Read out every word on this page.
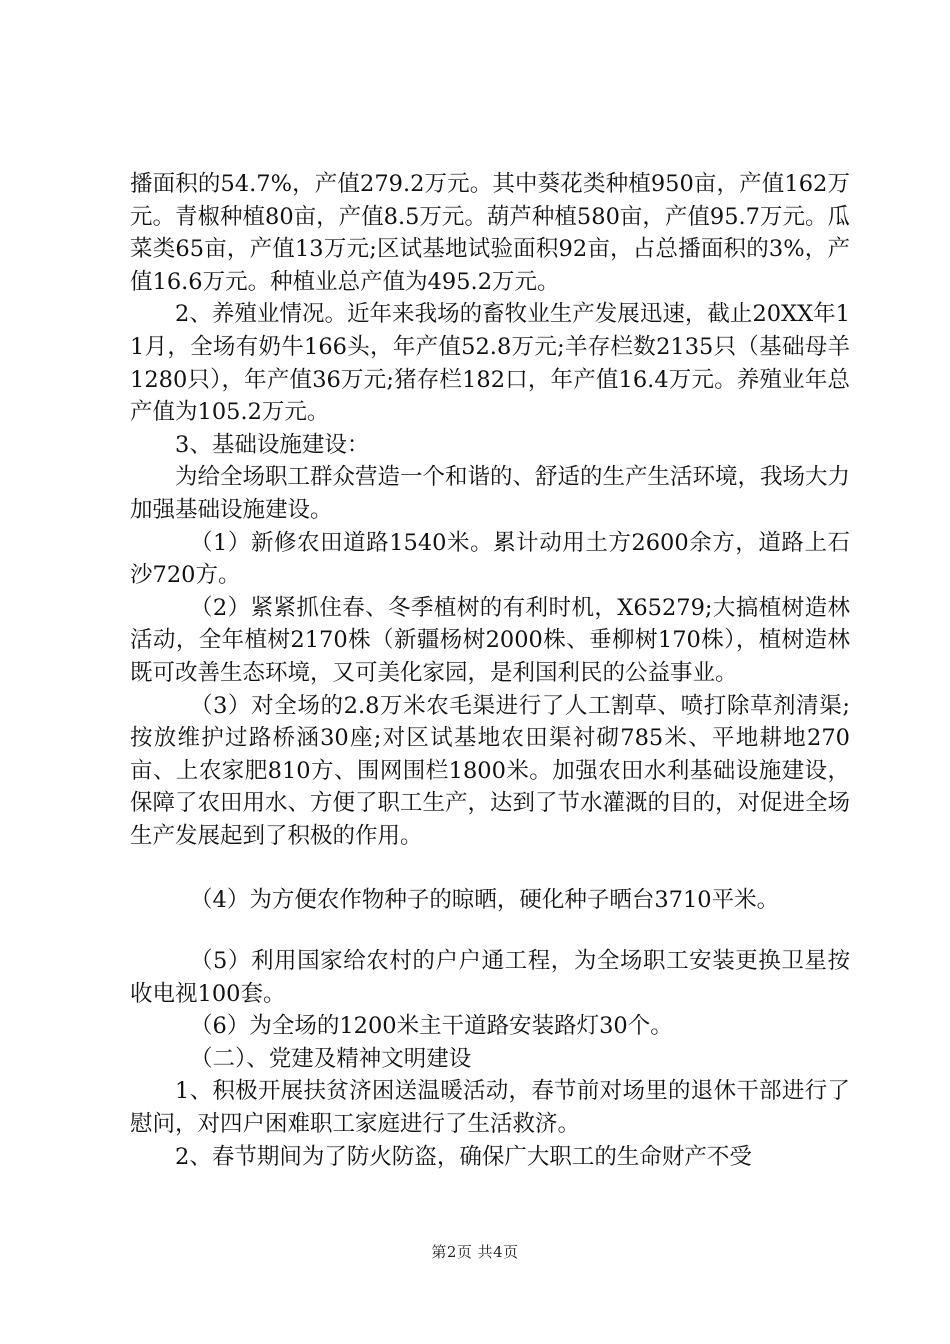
播面积的54.7%，产值279.2万元。其中葵花类种植950亩，产值162万元。青椒种植80亩，产值8.5万元。葫芦种植580亩，产值95.7万元。瓜菜类65亩，产值13万元;区试基地试验面积92亩，占总播面积的3%，产值16.6万元。种植业总产值为495.2万元。

2、养殖业情况。近年来我场的畜牧业生产发展迅速，截止20XX年11月，全场有奶牛166头，年产值52.8万元;羊存栏数2135只（基础母羊1280只），年产值36万元;猪存栏182口，年产值16.4万元。养殖业年总产值为105.2万元。

3、基础设施建设：

为给全场职工群众营造一个和谐的、舒适的生产生活环境，我场大力加强基础设施建设。

（1）新修农田道路1540米。累计动用土方2600余方，道路上石沙720方。

（2）紧紧抓住春、冬季植树的有利时机，X65279;大搞植树造林活动，全年植树2170株（新疆杨树2000株、垂柳树170株），植树造林既可改善生态环境，又可美化家园，是利国利民的公益事业。

（3）对全场的2.8万米农毛渠进行了人工割草、喷打除草剂清渠;按放维护过路桥涵30座;对区试基地农田渠衬砌785米、平地耕地270亩、上农家肥810方、围网围栏1800米。加强农田水利基础设施建设，保障了农田用水、方便了职工生产，达到了节水灌溉的目的，对促进全场生产发展起到了积极的作用。

（4）为方便农作物种子的晾晒，硬化种子晒台3710平米。

（5）利用国家给农村的户户通工程，为全场职工安装更换卫星按收电视100套。

（6）为全场的1200米主干道路安装路灯30个。

（二）、党建及精神文明建设

1、积极开展扶贫济困送温暖活动，春节前对场里的退休干部进行了慰问，对四户困难职工家庭进行了生活救济。

2、春节期间为了防火防盗，确保广大职工的生命财产不受

第2页 共4页
